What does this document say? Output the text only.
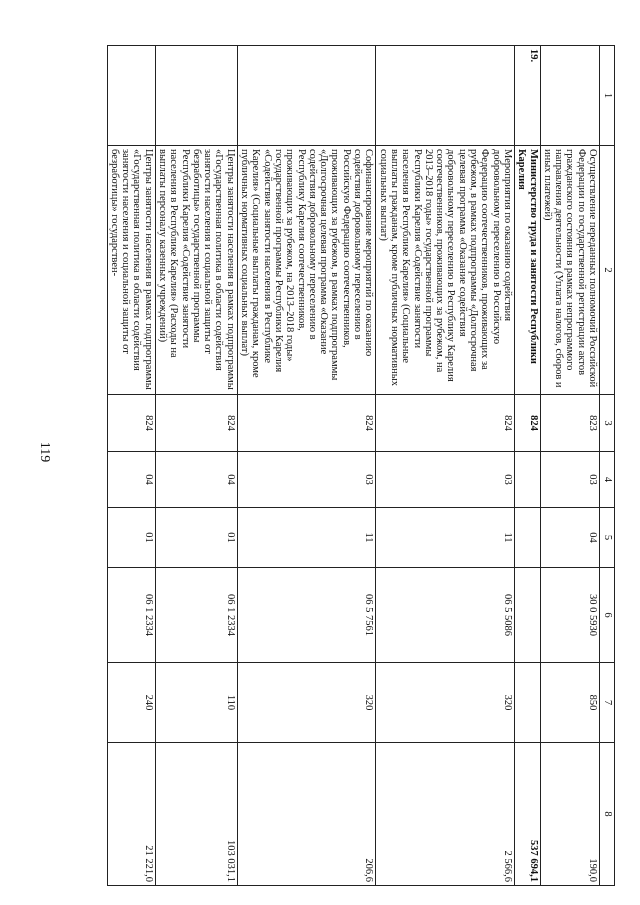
119
1	2	3	4	5	6	7	8
	Осуществление переданных полномочий Российской Федерации по государственной регистрации актов гражданского состояния в рамках непрограммого направления деятельности (Уплата налогов, сборов и иных платежей)	823	03	04	30 0 5930	850	190,0
19.	Министерство труда и занятости Республики Карелия	824					537 694,1
	Мероприятия по оказанию содействия добровольному переселению в Российскую Федерацию соотечественников, проживающих за рубежом, в рамках подпрограммы «Долгосрочная целевая программа «Оказание содействия добровольному переселению в Республику Карелия соотечественников, проживающих за рубежом, на 2013–2018 годы» государственной программы Республики Карелия «Содействие занятости населения в Республике Карелия» (Социальные выплаты гражданам, кроме публичных нормативных социальных выплат)	824	03	11	06 5 5086	320	2 566,6
	Софинансирование мероприятий по оказанию содействия добровольному переселению в Российскую Федерацию соотечественников, проживающих за рубежом, в рамках подпрограммы «Долгосрочная целевая программа «Оказание содействия добровольному переселению в Республику Карелия соотечественников, проживающих за рубежом, на 2013–2018 годы» государственной программы Республики Карелия «Содействие занятости населения в Республике Карелия» (Социальные выплаты гражданам, кроме публичных нормативных социальных выплат)	824	03	11	06 5 7561	320	206,6
	Центры занятости населения в рамках подпрограммы «Государственная политика в области содействия занятости населения и социальной защиты от безработицы» государственной программы Республики Карелия «Содействие занятости населения в Республике Карелия» (Расходы на выплаты персоналу казенных учреждений)	824	04	01	06 1 2334	110	103 031,1
	Центры занятости населения в рамках подпрограммы «Государственная политика в области содействия занятости населения и социальной защиты от безработицы» государствен-	824	04	01	06 1 2334	240	21 221,0
